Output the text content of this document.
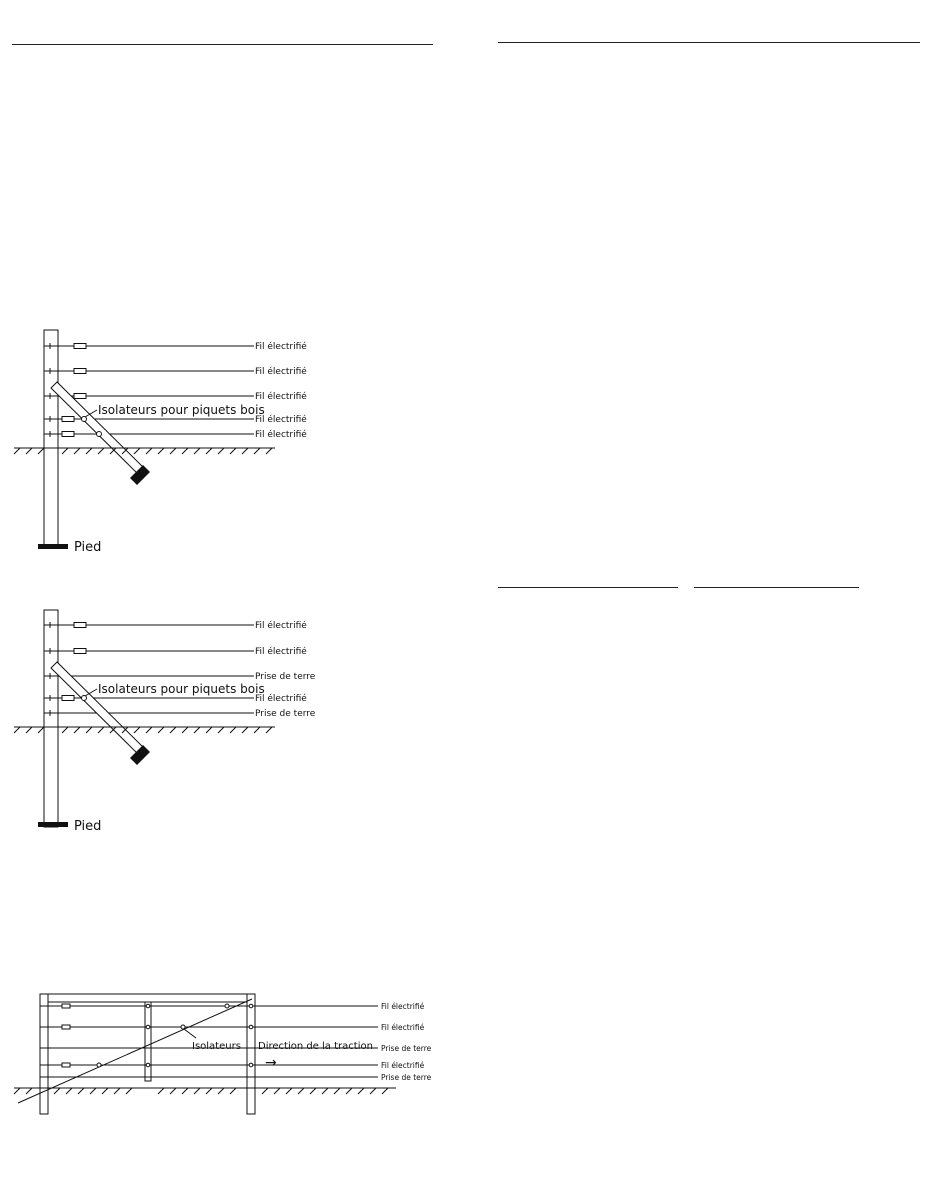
Fil électrifié
Fil électrifié
Fil électrifié
Fil électrifié
Fil électrifié
Isolateurs pour piquets bois
Pied
Fil électrifié
Fil électrifié
Prise de terre
Fil électrifié
Prise de terre
Isolateurs pour piquets bois
Pied
Fil électrifié
Fil électrifié
Prise de terre
Fil électrifié
Prise de terre
Isolateurs Direction de la traction
→
